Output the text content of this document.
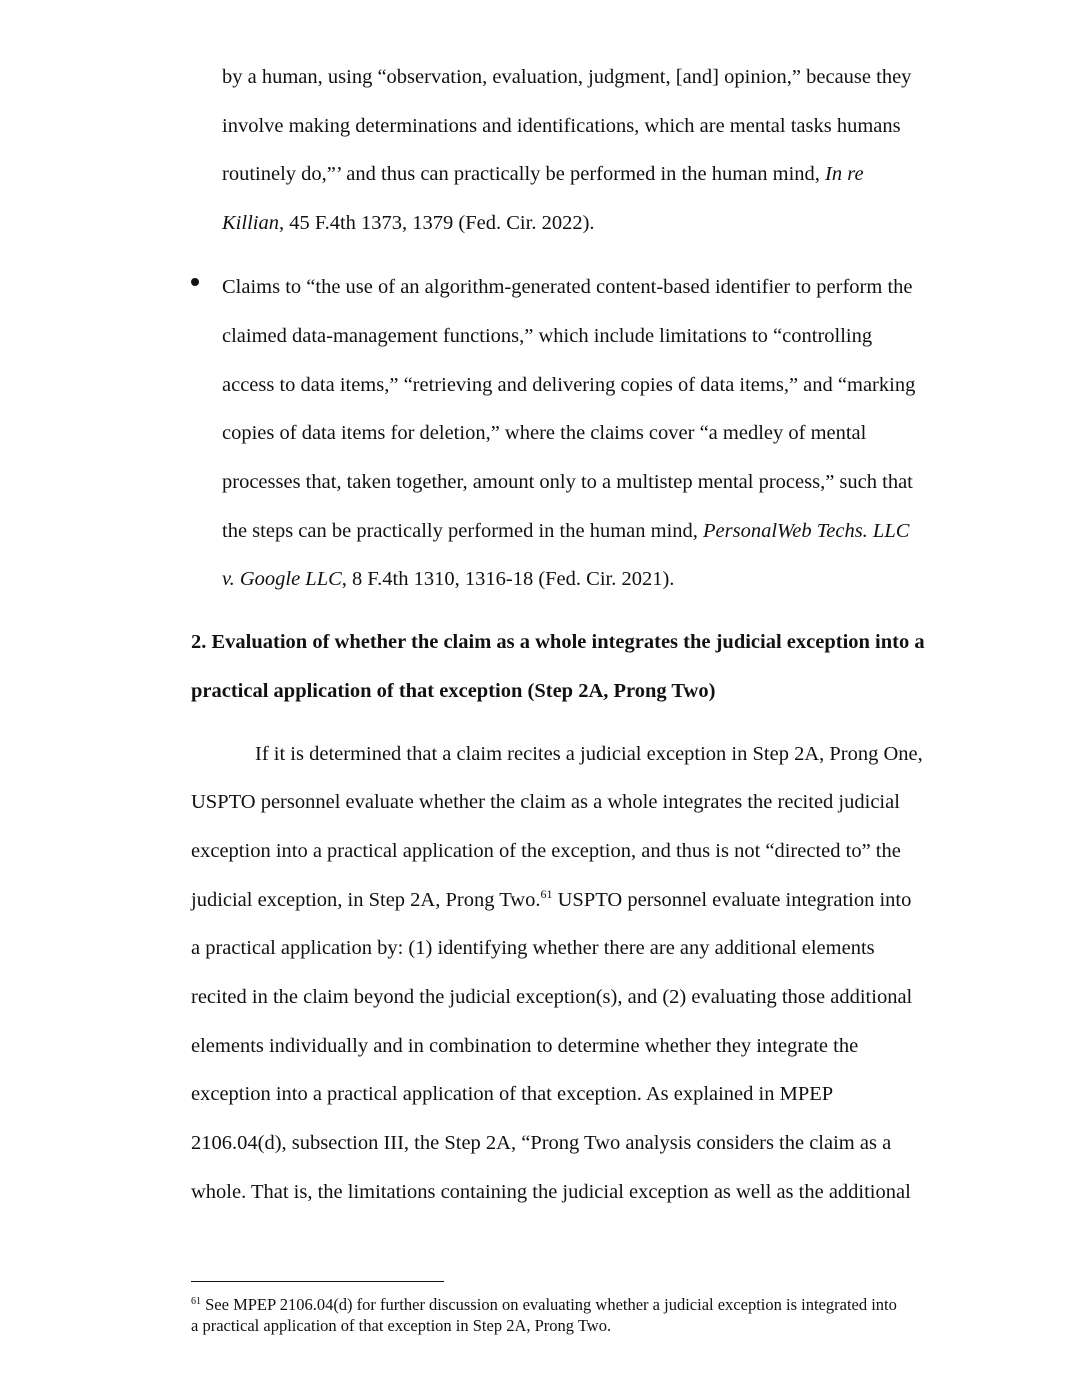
by a human, using “observation, evaluation, judgment, [and] opinion,” because they
involve making determinations and identifications, which are mental tasks humans
routinely do,”’ and thus can practically be performed in the human mind, In re
Killian, 45 F.4th 1373, 1379 (Fed. Cir. 2022).
Claims to “the use of an algorithm-generated content-based identifier to perform the
claimed data-management functions,” which include limitations to “controlling
access to data items,” “retrieving and delivering copies of data items,” and “marking
copies of data items for deletion,” where the claims cover “a medley of mental
processes that, taken together, amount only to a multistep mental process,” such that
the steps can be practically performed in the human mind, PersonalWeb Techs. LLC
v. Google LLC, 8 F.4th 1310, 1316-18 (Fed. Cir. 2021).
2. Evaluation of whether the claim as a whole integrates the judicial exception into a
practical application of that exception (Step 2A, Prong Two)
If it is determined that a claim recites a judicial exception in Step 2A, Prong One,
USPTO personnel evaluate whether the claim as a whole integrates the recited judicial
exception into a practical application of the exception, and thus is not “directed to” the
judicial exception, in Step 2A, Prong Two.$^{61}$ USPTO personnel evaluate integration into
a practical application by: (1) identifying whether there are any additional elements
recited in the claim beyond the judicial exception(s), and (2) evaluating those additional
elements individually and in combination to determine whether they integrate the
exception into a practical application of that exception. As explained in MPEP
2106.04(d), subsection III, the Step 2A, “Prong Two analysis considers the claim as a
whole. That is, the limitations containing the judicial exception as well as the additional
$^{61}$ See MPEP 2106.04(d) for further discussion on evaluating whether a judicial exception is integrated into
a practical application of that exception in Step 2A, Prong Two.
